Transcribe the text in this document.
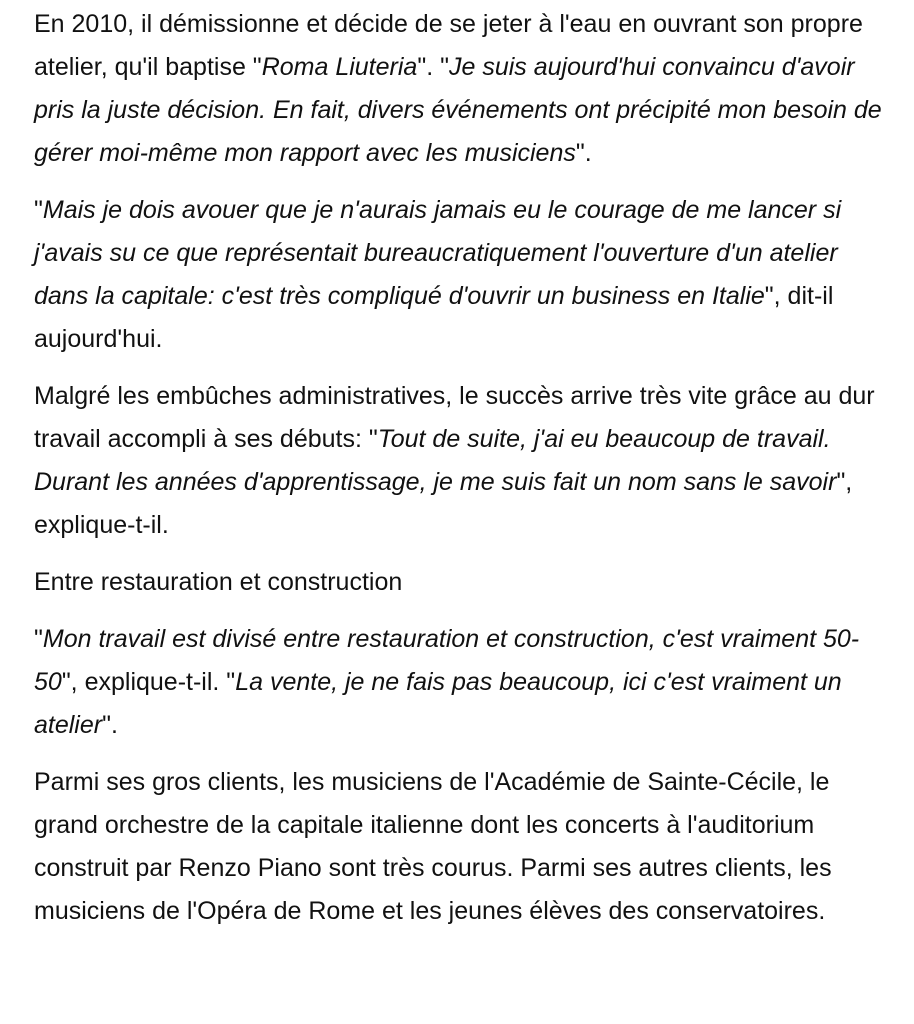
En 2010, il démissionne et décide de se jeter à l'eau en ouvrant son propre atelier, qu'il baptise "Roma Liuteria". "Je suis aujourd'hui convaincu d'avoir pris la juste décision. En fait, divers événements ont précipité mon besoin de gérer moi-même mon rapport avec les musiciens".

"Mais je dois avouer que je n'aurais jamais eu le courage de me lancer si j'avais su ce que représentait bureaucratiquement l'ouverture d'un atelier dans la capitale: c'est très compliqué d'ouvrir un business en Italie", dit-il aujourd'hui.

Malgré les embûches administratives, le succès arrive très vite grâce au dur travail accompli à ses débuts: "Tout de suite, j'ai eu beaucoup de travail. Durant les années d'apprentissage, je me suis fait un nom sans le savoir", explique-t-il.

Entre restauration et construction

"Mon travail est divisé entre restauration et construction, c'est vraiment 50-50", explique-t-il. "La vente, je ne fais pas beaucoup, ici c'est vraiment un atelier".

Parmi ses gros clients, les musiciens de l'Académie de Sainte-Cécile, le grand orchestre de la capitale italienne dont les concerts à l'auditorium construit par Renzo Piano sont très courus. Parmi ses autres clients, les musiciens de l'Opéra de Rome et les jeunes élèves des conservatoires.
